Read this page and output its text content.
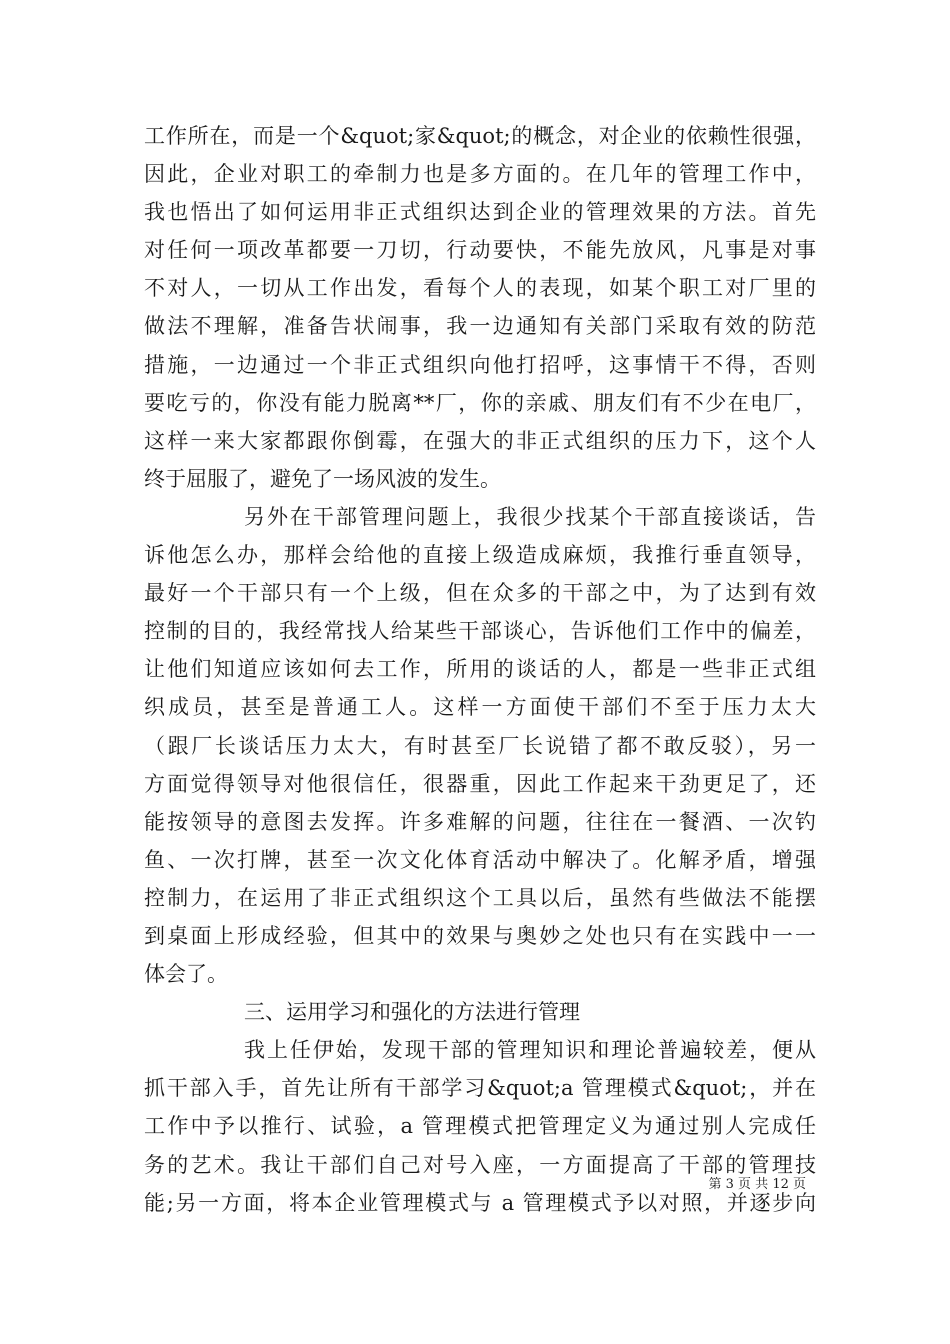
工作所在，而是一个&quot;家&quot;的概念，对企业的依赖性很强，
因此，企业对职工的牵制力也是多方面的。在几年的管理工作中，
我也悟出了如何运用非正式组织达到企业的管理效果的方法。首先
对任何一项改革都要一刀切，行动要快，不能先放风，凡事是对事
不对人，一切从工作出发，看每个人的表现，如某个职工对厂里的
做法不理解，准备告状闹事，我一边通知有关部门采取有效的防范
措施，一边通过一个非正式组织向他打招呼，这事情干不得，否则
要吃亏的，你没有能力脱离**厂，你的亲戚、朋友们有不少在电厂，
这样一来大家都跟你倒霉，在强大的非正式组织的压力下，这个人
终于屈服了，避免了一场风波的发生。
另外在干部管理问题上，我很少找某个干部直接谈话，告
诉他怎么办，那样会给他的直接上级造成麻烦，我推行垂直领导，
最好一个干部只有一个上级，但在众多的干部之中，为了达到有效
控制的目的，我经常找人给某些干部谈心，告诉他们工作中的偏差，
让他们知道应该如何去工作，所用的谈话的人，都是一些非正式组
织成员，甚至是普通工人。这样一方面使干部们不至于压力太大
（跟厂长谈话压力太大，有时甚至厂长说错了都不敢反驳），另一
方面觉得领导对他很信任，很器重，因此工作起来干劲更足了，还
能按领导的意图去发挥。许多难解的问题，往往在一餐酒、一次钓
鱼、一次打牌，甚至一次文化体育活动中解决了。化解矛盾，增强
控制力，在运用了非正式组织这个工具以后，虽然有些做法不能摆
到桌面上形成经验，但其中的效果与奥妙之处也只有在实践中一一
体会了。
三、运用学习和强化的方法进行管理
我上任伊始，发现干部的管理知识和理论普遍较差，便从
抓干部入手，首先让所有干部学习&quot;a 管理模式&quot;，并在
工作中予以推行、试验，a 管理模式把管理定义为通过别人完成任
务的艺术。我让干部们自己对号入座，一方面提高了干部的管理技
能;另一方面，将本企业管理模式与 a 管理模式予以对照，并逐步向
第 3 页 共 12 页
